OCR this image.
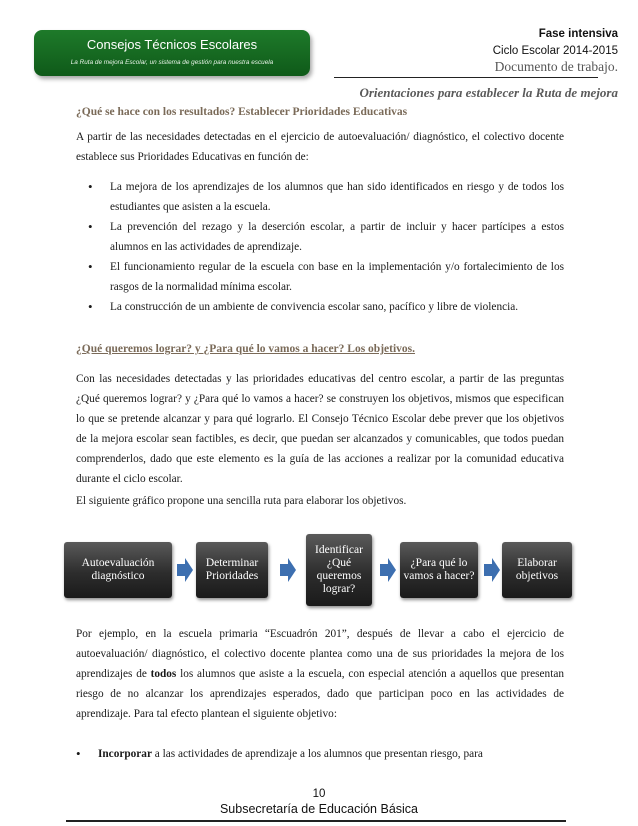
Consejos Técnicos Escolares
La Ruta de mejora Escolar, un sistema de gestión para nuestra escuela
Fase intensiva
Ciclo Escolar 2014-2015
Documento de trabajo.
Orientaciones para establecer la Ruta de mejora
¿Qué se hace con los resultados? Establecer Prioridades Educativas
A partir de las necesidades detectadas en el ejercicio de autoevaluación/ diagnóstico, el colectivo docente establece sus Prioridades Educativas en función de:
• La mejora de los aprendizajes de los alumnos que han sido identificados en riesgo y de todos los estudiantes que asisten a la escuela.
• La prevención del rezago y la deserción escolar, a partir de incluir y hacer partícipes a estos alumnos en las actividades de aprendizaje.
• El funcionamiento regular de la escuela con base en la implementación y/o fortalecimiento de los rasgos de la normalidad mínima escolar.
• La construcción de un ambiente de convivencia escolar sano, pacífico y libre de violencia.
¿Qué queremos lograr? y ¿Para qué lo vamos a hacer? Los objetivos.
Con las necesidades detectadas y las prioridades educativas del centro escolar, a partir de las preguntas ¿Qué queremos lograr? y ¿Para qué lo vamos a hacer? se construyen los objetivos, mismos que especifican lo que se pretende alcanzar y para qué lograrlo. El Consejo Técnico Escolar debe prever que los objetivos de la mejora escolar sean factibles, es decir, que puedan ser alcanzados y comunicables, que todos puedan comprenderlos, dado que este elemento es la guía de las acciones a realizar por la comunidad educativa durante el ciclo escolar.
El siguiente gráfico propone una sencilla ruta para elaborar los objetivos.
Autoevaluación diagnóstico
Determinar Prioridades
Identificar ¿Qué queremos lograr?
¿Para qué lo vamos a hacer?
Elaborar objetivos
Por ejemplo, en la escuela primaria “Escuadrón 201”, después de llevar a cabo el ejercicio de autoevaluación/ diagnóstico, el colectivo docente plantea como una de sus prioridades la mejora de los aprendizajes de todos los alumnos que asiste a la escuela, con especial atención a aquellos que presentan riesgo de no alcanzar los aprendizajes esperados, dado que participan poco en las actividades de aprendizaje. Para tal efecto plantean el siguiente objetivo:
• Incorporar a las actividades de aprendizaje a los alumnos que presentan riesgo, para
10
Subsecretaría de Educación Básica
